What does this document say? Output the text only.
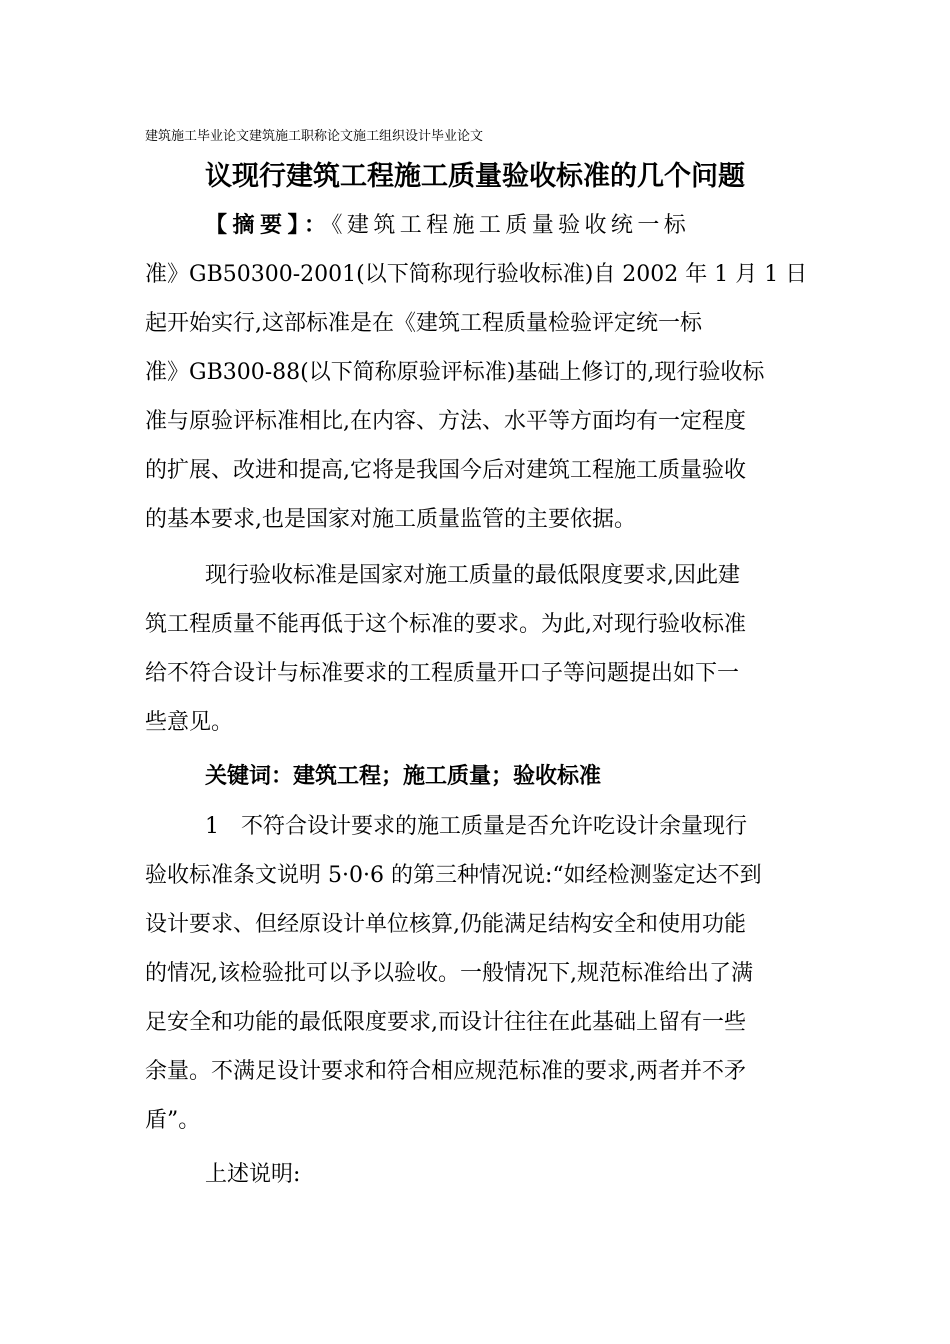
建筑施工毕业论文建筑施工职称论文施工组织设计毕业论文
议现行建筑工程施工质量验收标准的几个问题
【摘要】：《建筑工程施工质量验收统一标
准》GB50300-2001(以下简称现行验收标准)自 2002 年 1 月 1 日
起开始实行,这部标准是在《建筑工程质量检验评定统一标
准》GB300-88(以下简称原验评标准)基础上修订的,现行验收标
准与原验评标准相比,在内容、方法、水平等方面均有一定程度
的扩展、改进和提高,它将是我国今后对建筑工程施工质量验收
的基本要求,也是国家对施工质量监管的主要依据。
现行验收标准是国家对施工质量的最低限度要求,因此建
筑工程质量不能再低于这个标准的要求。为此,对现行验收标准
给不符合设计与标准要求的工程质量开口子等问题提出如下一
些意见。
关键词：建筑工程；施工质量；验收标准
1　不符合设计要求的施工质量是否允许吃设计余量现行
验收标准条文说明 5·0·6 的第三种情况说:“如经检测鉴定达不到
设计要求、但经原设计单位核算,仍能满足结构安全和使用功能
的情况,该检验批可以予以验收。一般情况下,规范标准给出了满
足安全和功能的最低限度要求,而设计往往在此基础上留有一些
余量。不满足设计要求和符合相应规范标准的要求,两者并不矛
盾”。
上述说明:
